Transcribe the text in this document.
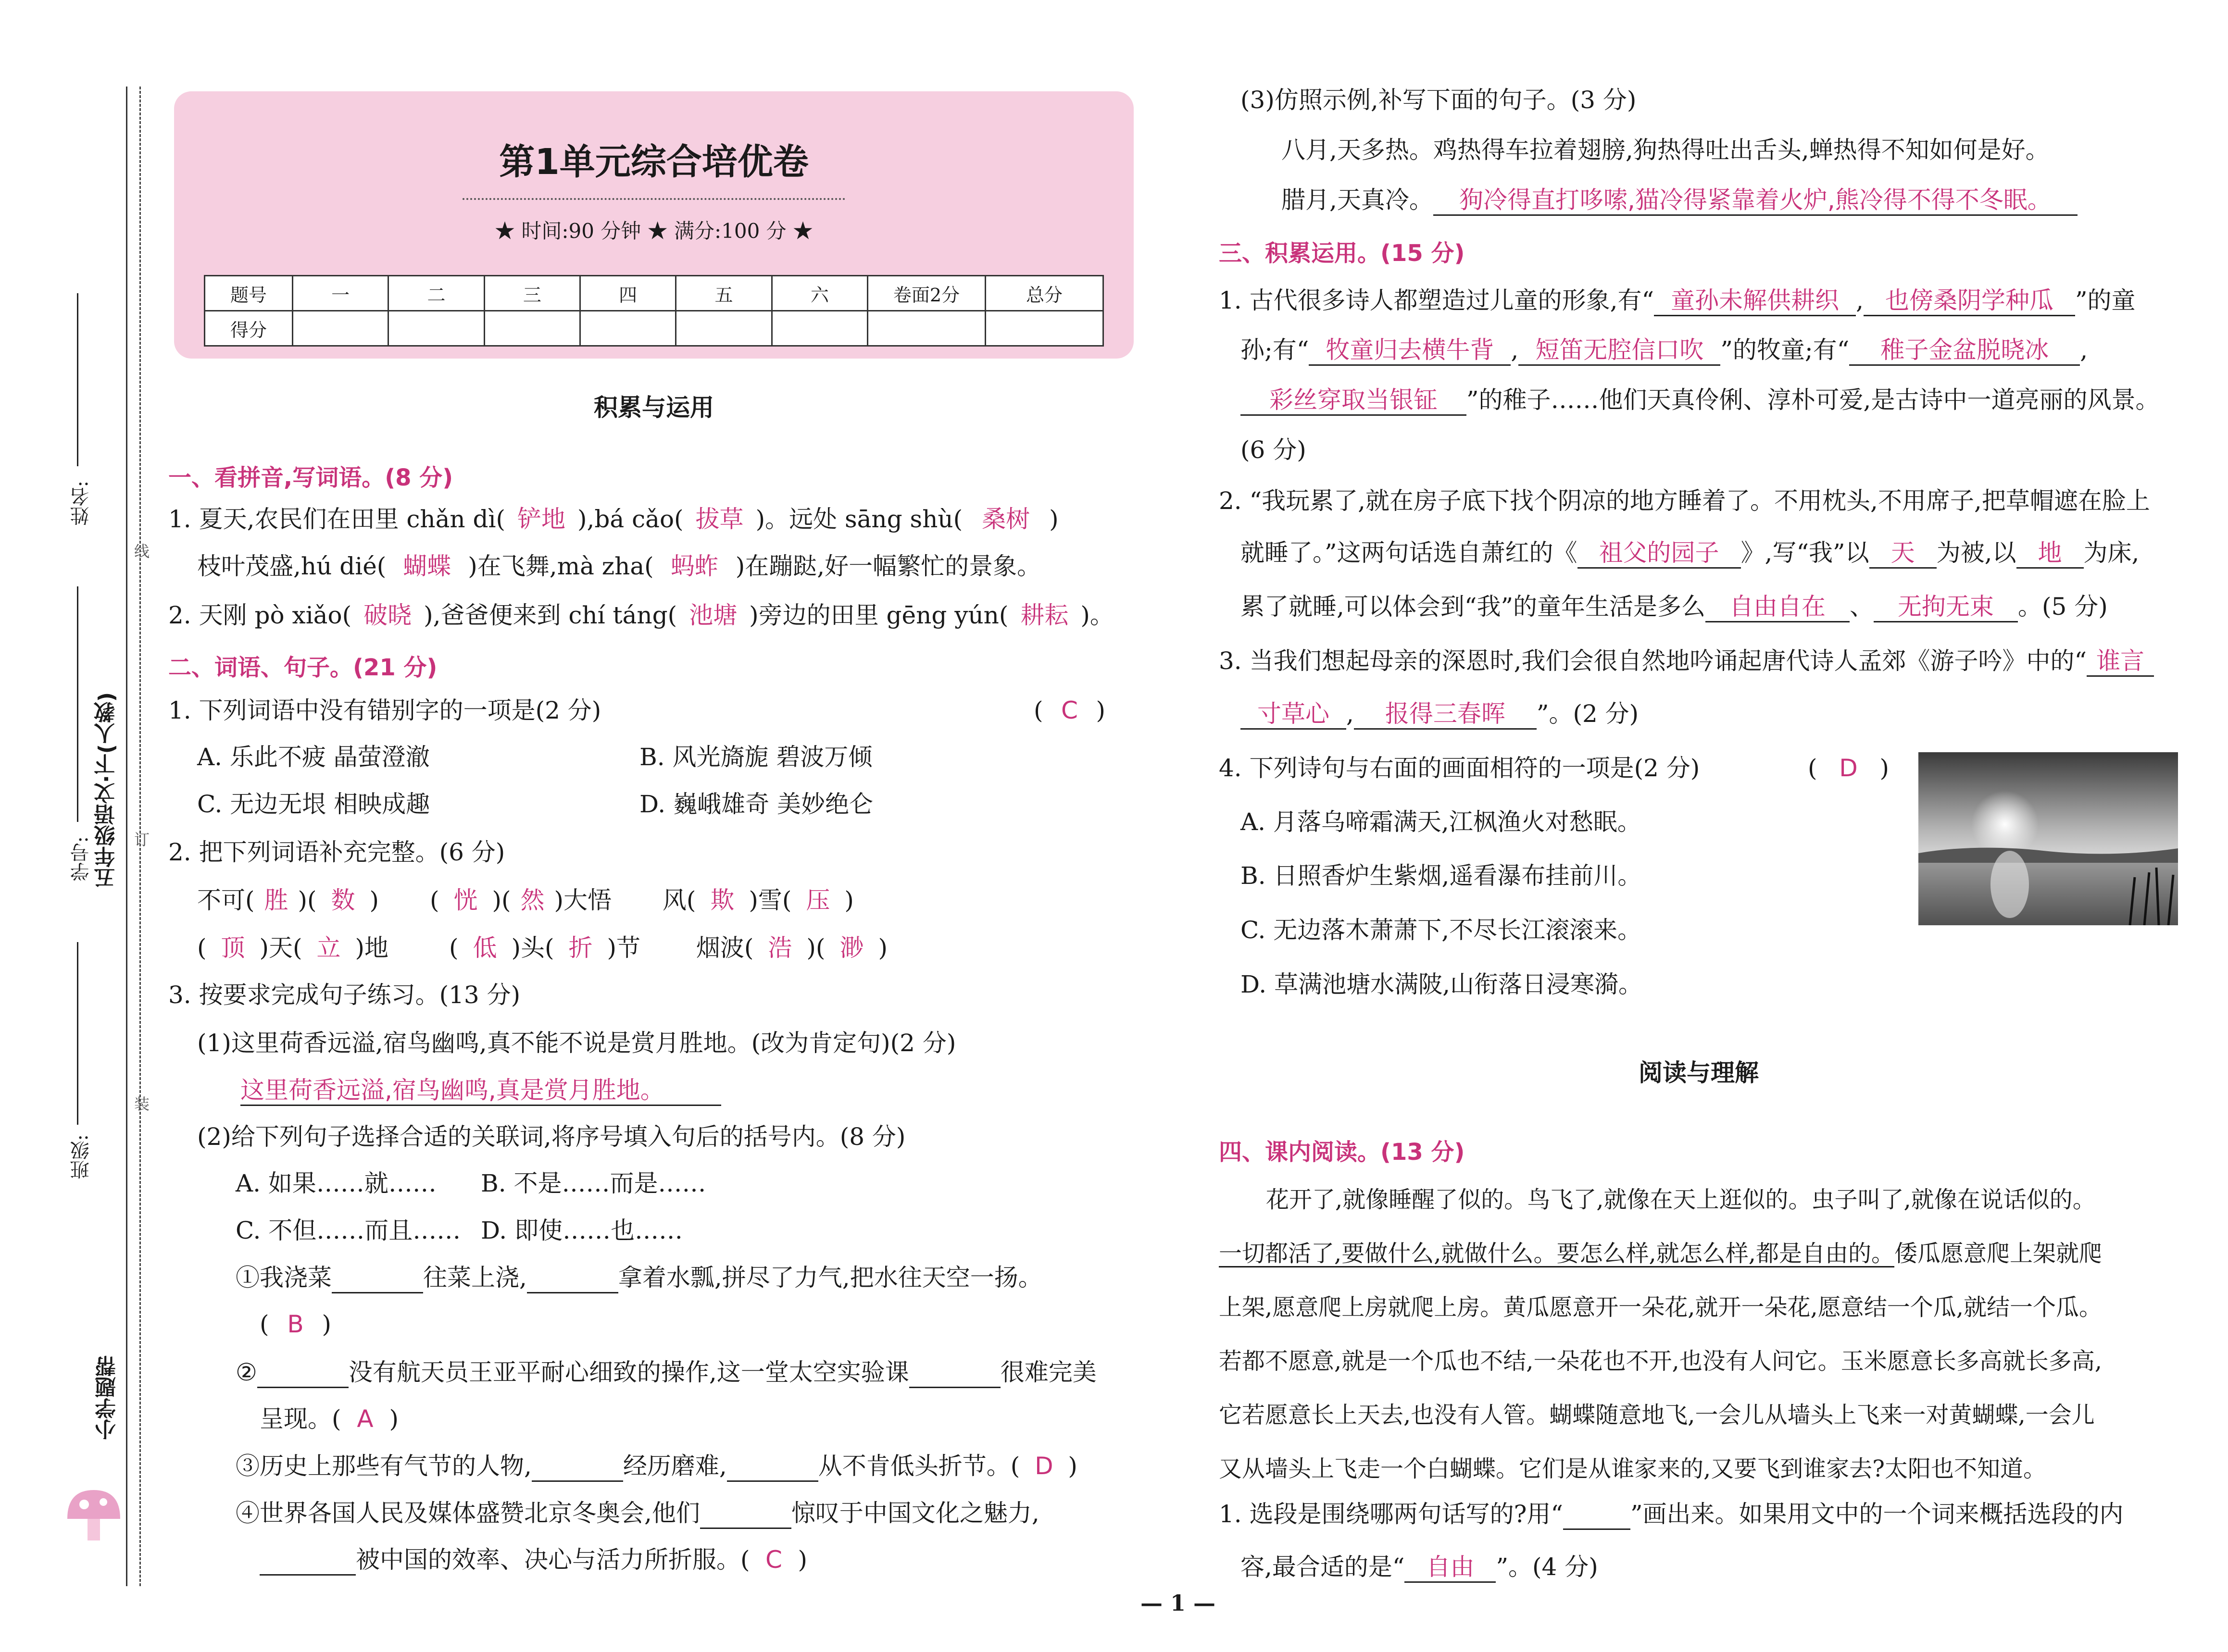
线
订
装
姓名:
学号:
班级:
五年级语文·下(人教)
小学题帮
第1单元综合培优卷
★ 时间:90 分钟 ★ 满分:100 分 ★
题号	一	二	三	四	五	六	卷面2分	总分
得分								
积累与运用
一、看拼音,写词语。(8 分)
1. 夏天,农民们在田里 chǎn dì( 铲地 ),bá cǎo( 拔草 )。远处 sāng shù( 桑树 )
枝叶茂盛,hú dié( 蝴蝶 )在飞舞,mà zha( 蚂蚱 )在蹦跶,好一幅繁忙的景象。
2. 天刚 pò xiǎo( 破晓 ),爸爸便来到 chí táng( 池塘 )旁边的田里 gēng yún( 耕耘 )。
二、词语、句子。(21 分)
1. 下列词语中没有错别字的一项是(2 分)	( C )
A. 乐此不疲 晶萤澄澈	B. 风光旖旎 碧波万倾
C. 无边无垠 相映成趣	D. 巍峨雄奇 美妙绝仑
2. 把下列词语补充完整。(6 分)
不可( 胜 )( 数 ) ( 恍 )( 然 )大悟 风( 欺 )雪( 压 )
( 顶 )天( 立 )地	( 低 )头( 折 )节 烟波( 浩 )( 渺 )
3. 按要求完成句子练习。(13 分)
(1)这里荷香远溢,宿鸟幽鸣,真不能不说是赏月胜地。(改为肯定句)(2 分)
这里荷香远溢,宿鸟幽鸣,真是赏月胜地。
(2)给下列句子选择合适的关联词,将序号填入句后的括号内。(8 分)
A. 如果……就…… B. 不是……而是……
C. 不但……而且…… D. 即使……也……
①我浇菜	往菜上浇,	拿着水瓢,拼尽了力气,把水往天空一扬。
( B )
②	没有航天员王亚平耐心细致的操作,这一堂太空实验课	很难完美
呈现。( A )
③历史上那些有气节的人物,	经历磨难,	从不肯低头折节。( D )
④世界各国人民及媒体盛赞北京冬奥会,他们	惊叹于中国文化之魅力,
被中国的效率、决心与活力所折服。( C )
(3)仿照示例,补写下面的句子。(3 分)
八月,天多热。鸡热得车拉着翅膀,狗热得吐出舌头,蝉热得不知如何是好。
腊月,天真冷。 狗冷得直打哆嗦,猫冷得紧靠着火炉,熊冷得不得不冬眠。
三、积累运用。(15 分)
1. 古代很多诗人都塑造过儿童的形象,有“ 童孙未解供耕织 , 也傍桑阴学种瓜 ”的童
孙;有“ 牧童归去横牛背 , 短笛无腔信口吹 ”的牧童;有“ 稚子金盆脱晓冰 ,
彩丝穿取当银钲 ”的稚子……他们天真伶俐、淳朴可爱,是古诗中一道亮丽的风景。
(6 分)
2. “我玩累了,就在房子底下找个阴凉的地方睡着了。不用枕头,不用席子,把草帽遮在脸上
就睡了。”这两句话选自萧红的《 祖父的园子 》,写“我”以 天 为被,以 地 为床,
累了就睡,可以体会到“我”的童年生活是多么 自由自在 、 无拘无束 。(5 分)
3. 当我们想起母亲的深恩时,我们会很自然地吟诵起唐代诗人孟郊《游子吟》中的“ 谁言
寸草心 , 报得三春晖 ”。(2 分)
4. 下列诗句与右面的画面相符的一项是(2 分)	( D )
A. 月落乌啼霜满天,江枫渔火对愁眠。
B. 日照香炉生紫烟,遥看瀑布挂前川。
C. 无边落木萧萧下,不尽长江滚滚来。
D. 草满池塘水满陂,山衔落日浸寒漪。
阅读与理解
四、课内阅读。(13 分)
花开了,就像睡醒了似的。鸟飞了,就像在天上逛似的。虫子叫了,就像在说话似的。
一切都活了,要做什么,就做什么。要怎么样,就怎么样,都是自由的。倭瓜愿意爬上架就爬
上架,愿意爬上房就爬上房。黄瓜愿意开一朵花,就开一朵花,愿意结一个瓜,就结一个瓜。
若都不愿意,就是一个瓜也不结,一朵花也不开,也没有人问它。玉米愿意长多高就长多高,
它若愿意长上天去,也没有人管。蝴蝶随意地飞,一会儿从墙头上飞来一对黄蝴蝶,一会儿
又从墙头上飞走一个白蝴蝶。它们是从谁家来的,又要飞到谁家去?太阳也不知道。
1. 选段是围绕哪两句话写的?用“	”画出来。如果用文中的一个词来概括选段的内
容,最合适的是“ 自由 ”。(4 分)
— 1 —
